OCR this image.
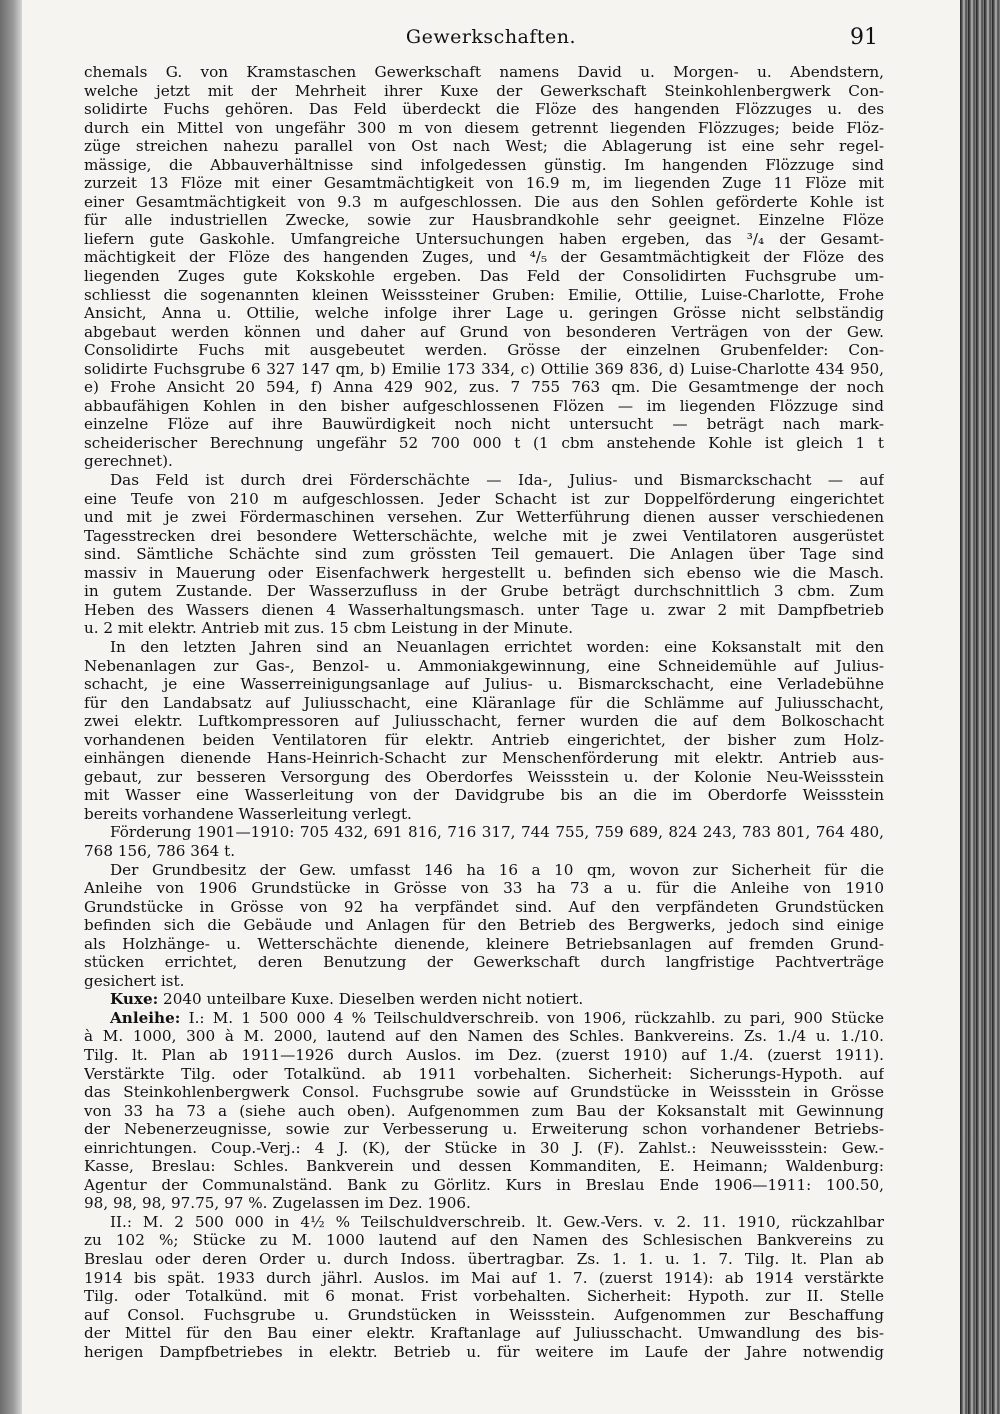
Gewerkschaften.	91
chemals G. von Kramstaschen Gewerkschaft namens David u. Morgen- u. Abendstern,
welche jetzt mit der Mehrheit ihrer Kuxe der Gewerkschaft Steinkohlenbergwerk Con-
solidirte Fuchs gehören. Das Feld überdeckt die Flöze des hangenden Flözzuges u. des
durch ein Mittel von ungefähr 300 m von diesem getrennt liegenden Flözzuges; beide Flöz-
züge streichen nahezu parallel von Ost nach West; die Ablagerung ist eine sehr regel-
mässige, die Abbauverhältnisse sind infolgedessen günstig. Im hangenden Flözzuge sind
zurzeit 13 Flöze mit einer Gesamtmächtigkeit von 16.9 m, im liegenden Zuge 11 Flöze mit
einer Gesamtmächtigkeit von 9.3 m aufgeschlossen. Die aus den Sohlen geförderte Kohle ist
für alle industriellen Zwecke, sowie zur Hausbrandkohle sehr geeignet. Einzelne Flöze
liefern gute Gaskohle. Umfangreiche Untersuchungen haben ergeben, das ³/₄ der Gesamt-
mächtigkeit der Flöze des hangenden Zuges, und ⁴/₅ der Gesamtmächtigkeit der Flöze des
liegenden Zuges gute Kokskohle ergeben. Das Feld der Consolidirten Fuchsgrube um-
schliesst die sogenannten kleinen Weisssteiner Gruben: Emilie, Ottilie, Luise-Charlotte, Frohe
Ansicht, Anna u. Ottilie, welche infolge ihrer Lage u. geringen Grösse nicht selbständig
abgebaut werden können und daher auf Grund von besonderen Verträgen von der Gew.
Consolidirte Fuchs mit ausgebeutet werden. Grösse der einzelnen Grubenfelder: Con-
solidirte Fuchsgrube 6 327 147 qm, b) Emilie 173 334, c) Ottilie 369 836, d) Luise-Charlotte 434 950,
e) Frohe Ansicht 20 594, f) Anna 429 902, zus. 7 755 763 qm. Die Gesamtmenge der noch
abbaufähigen Kohlen in den bisher aufgeschlossenen Flözen — im liegenden Flözzuge sind
einzelne Flöze auf ihre Bauwürdigkeit noch nicht untersucht — beträgt nach mark-
scheiderischer Berechnung ungefähr 52 700 000 t (1 cbm anstehende Kohle ist gleich 1 t
gerechnet).
Das Feld ist durch drei Förderschächte — Ida-, Julius- und Bismarckschacht — auf
eine Teufe von 210 m aufgeschlossen. Jeder Schacht ist zur Doppelförderung eingerichtet
und mit je zwei Fördermaschinen versehen. Zur Wetterführung dienen ausser verschiedenen
Tagesstrecken drei besondere Wetterschächte, welche mit je zwei Ventilatoren ausgerüstet
sind. Sämtliche Schächte sind zum grössten Teil gemauert. Die Anlagen über Tage sind
massiv in Mauerung oder Eisenfachwerk hergestellt u. befinden sich ebenso wie die Masch.
in gutem Zustande. Der Wasserzufluss in der Grube beträgt durchschnittlich 3 cbm. Zum
Heben des Wassers dienen 4 Wasserhaltungsmasch. unter Tage u. zwar 2 mit Dampfbetrieb
u. 2 mit elektr. Antrieb mit zus. 15 cbm Leistung in der Minute.
In den letzten Jahren sind an Neuanlagen errichtet worden: eine Koksanstalt mit den
Nebenanlagen zur Gas-, Benzol- u. Ammoniakgewinnung, eine Schneidemühle auf Julius-
schacht, je eine Wasserreinigungsanlage auf Julius- u. Bismarckschacht, eine Verladebühne
für den Landabsatz auf Juliusschacht, eine Kläranlage für die Schlämme auf Juliusschacht,
zwei elektr. Luftkompressoren auf Juliusschacht, ferner wurden die auf dem Bolkoschacht
vorhandenen beiden Ventilatoren für elektr. Antrieb eingerichtet, der bisher zum Holz-
einhängen dienende Hans-Heinrich-Schacht zur Menschenförderung mit elektr. Antrieb aus-
gebaut, zur besseren Versorgung des Oberdorfes Weissstein u. der Kolonie Neu-Weissstein
mit Wasser eine Wasserleitung von der Davidgrube bis an die im Oberdorfe Weissstein
bereits vorhandene Wasserleitung verlegt.
Förderung 1901—1910: 705 432, 691 816, 716 317, 744 755, 759 689, 824 243, 783 801, 764 480,
768 156, 786 364 t.
Der Grundbesitz der Gew. umfasst 146 ha 16 a 10 qm, wovon zur Sicherheit für die
Anleihe von 1906 Grundstücke in Grösse von 33 ha 73 a u. für die Anleihe von 1910
Grundstücke in Grösse von 92 ha verpfändet sind. Auf den verpfändeten Grundstücken
befinden sich die Gebäude und Anlagen für den Betrieb des Bergwerks, jedoch sind einige
als Holzhänge- u. Wetterschächte dienende, kleinere Betriebsanlagen auf fremden Grund-
stücken errichtet, deren Benutzung der Gewerkschaft durch langfristige Pachtverträge
gesichert ist.
Kuxe: 2040 unteilbare Kuxe. Dieselben werden nicht notiert.
Anleihe: I.: M. 1 500 000 4 % Teilschuldverschreib. von 1906, rückzahlb. zu pari, 900 Stücke
à M. 1000, 300 à M. 2000, lautend auf den Namen des Schles. Bankvereins. Zs. 1./4 u. 1./10.
Tilg. lt. Plan ab 1911—1926 durch Auslos. im Dez. (zuerst 1910) auf 1./4. (zuerst 1911).
Verstärkte Tilg. oder Totalkünd. ab 1911 vorbehalten. Sicherheit: Sicherungs-Hypoth. auf
das Steinkohlenbergwerk Consol. Fuchsgrube sowie auf Grundstücke in Weissstein in Grösse
von 33 ha 73 a (siehe auch oben). Aufgenommen zum Bau der Koksanstalt mit Gewinnung
der Nebenerzeugnisse, sowie zur Verbesserung u. Erweiterung schon vorhandener Betriebs-
einrichtungen. Coup.-Verj.: 4 J. (K), der Stücke in 30 J. (F). Zahlst.: Neuweissstein: Gew.-
Kasse, Breslau: Schles. Bankverein und dessen Kommanditen, E. Heimann; Waldenburg:
Agentur der Communalständ. Bank zu Görlitz. Kurs in Breslau Ende 1906—1911: 100.50,
98, 98, 98, 97.75, 97 %. Zugelassen im Dez. 1906.
II.: M. 2 500 000 in 4½ % Teilschuldverschreib. lt. Gew.-Vers. v. 2. 11. 1910, rückzahlbar
zu 102 %; Stücke zu M. 1000 lautend auf den Namen des Schlesischen Bankvereins zu
Breslau oder deren Order u. durch Indoss. übertragbar. Zs. 1. 1. u. 1. 7. Tilg. lt. Plan ab
1914 bis spät. 1933 durch jährl. Auslos. im Mai auf 1. 7. (zuerst 1914): ab 1914 verstärkte
Tilg. oder Totalkünd. mit 6 monat. Frist vorbehalten. Sicherheit: Hypoth. zur II. Stelle
auf Consol. Fuchsgrube u. Grundstücken in Weissstein. Aufgenommen zur Beschaffung
der Mittel für den Bau einer elektr. Kraftanlage auf Juliusschacht. Umwandlung des bis-
herigen Dampfbetriebes in elektr. Betrieb u. für weitere im Laufe der Jahre notwendig
